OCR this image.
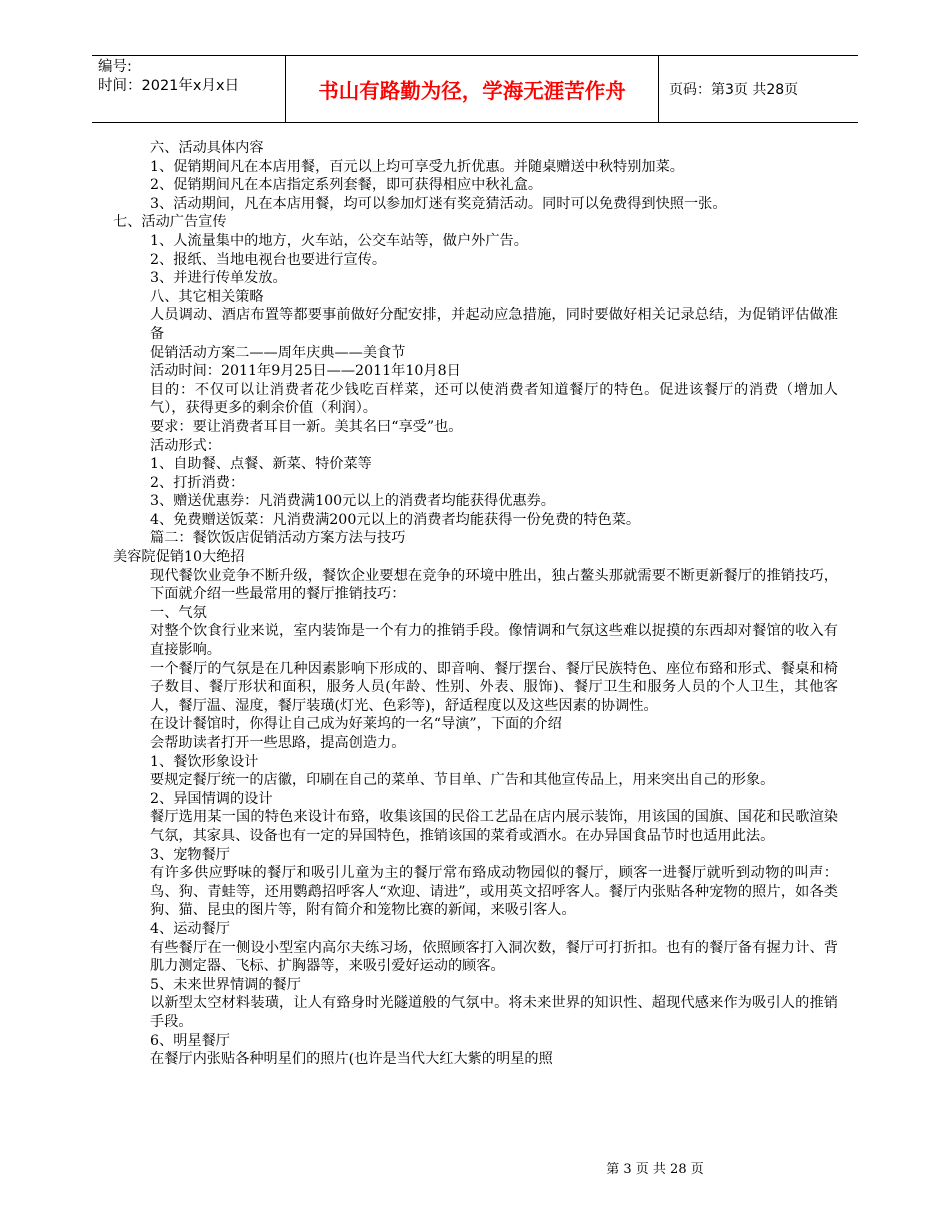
编号:
时间：2021年x月x日	书山有路勤为径，学海无涯苦作舟	页码：第3页 共28页

六、活动具体内容

1、促销期间凡在本店用餐，百元以上均可享受九折优惠。并随桌赠送中秋特别加菜。

2、促销期间凡在本店指定系列套餐，即可获得相应中秋礼盒。

3、活动期间，凡在本店用餐，均可以参加灯迷有奖竞猜活动。同时可以免费得到快照一张。

七、活动广告宣传

1、人流量集中的地方，火车站，公交车站等，做户外广告。

2、报纸、当地电视台也要进行宣传。

3、并进行传单发放。

八、其它相关策略

人员调动、酒店布置等都要事前做好分配安排，并起动应急措施，同时要做好相关记录总结，为促销评估做准备

促销活动方案二——周年庆典——美食节

活动时间：2011年9月25日——2011年10月8日

目的：不仅可以让消费者花少钱吃百样菜，还可以使消费者知道餐厅的特色。促进该餐厅的消费（增加人气），获得更多的剩余价值（利润）。

要求：要让消费者耳目一新。美其名曰“享受”也。

活动形式：

1、自助餐、点餐、新菜、特价菜等

2、打折消费：

3、赠送优惠券：凡消费满100元以上的消费者均能获得优惠券。

4、免费赠送饭菜：凡消费满200元以上的消费者均能获得一份免费的特色菜。

篇二：餐饮饭店促销活动方案方法与技巧

美容院促销10大绝招

现代餐饮业竞争不断升级，餐饮企业要想在竞争的环境中胜出，独占鳌头那就需要不断更新餐厅的推销技巧，下面就介绍一些最常用的餐厅推销技巧：

一、气氛

对整个饮食行业来说，室内装饰是一个有力的推销手段。像情调和气氛这些难以捉摸的东西却对餐馆的收入有直接影响。

一个餐厅的气氛是在几种因素影响下形成的、即音响、餐厅摆台、餐厅民族特色、座位布臵和形式、餐桌和椅子数目、餐厅形状和面积，服务人员(年龄、性别、外表、服饰)、餐厅卫生和服务人员的个人卫生，其他客人，餐厅温、湿度，餐厅装璜(灯光、色彩等)，舒适程度以及这些因素的协调性。

在设计餐馆时，你得让自己成为好莱坞的一名“导演”，下面的介绍

会帮助读者打开一些思路，提高创造力。

1、餐饮形象设计

要规定餐厅统一的店徽，印刷在自己的菜单、节目单、广告和其他宣传品上，用来突出自己的形象。

2、异国情调的设计

餐厅选用某一国的特色来设计布臵，收集该国的民俗工艺品在店内展示装饰，用该国的国旗、国花和民歌渲染气氛，其家具、设备也有一定的异国特色，推销该国的菜肴或酒水。在办异国食品节时也适用此法。

3、宠物餐厅

有许多供应野味的餐厅和吸引儿童为主的餐厅常布臵成动物园似的餐厅，顾客一进餐厅就听到动物的叫声：鸟、狗、青蛙等，还用鹦鹉招呼客人“欢迎、请进”，或用英文招呼客人。餐厅内张贴各种宠物的照片，如各类狗、猫、昆虫的图片等，附有简介和笼物比赛的新闻，来吸引客人。

4、运动餐厅

有些餐厅在一侧设小型室内高尔夫练习场，依照顾客打入洞次数，餐厅可打折扣。也有的餐厅备有握力计、背肌力测定器、飞标、扩胸器等，来吸引爱好运动的顾客。

5、未来世界情调的餐厅

以新型太空材料装璜，让人有臵身时光隧道般的气氛中。将未来世界的知识性、超现代感来作为吸引人的推销手段。

6、明星餐厅

在餐厅内张贴各种明星们的照片(也许是当代大红大紫的明星的照

第 3 页 共 28 页
